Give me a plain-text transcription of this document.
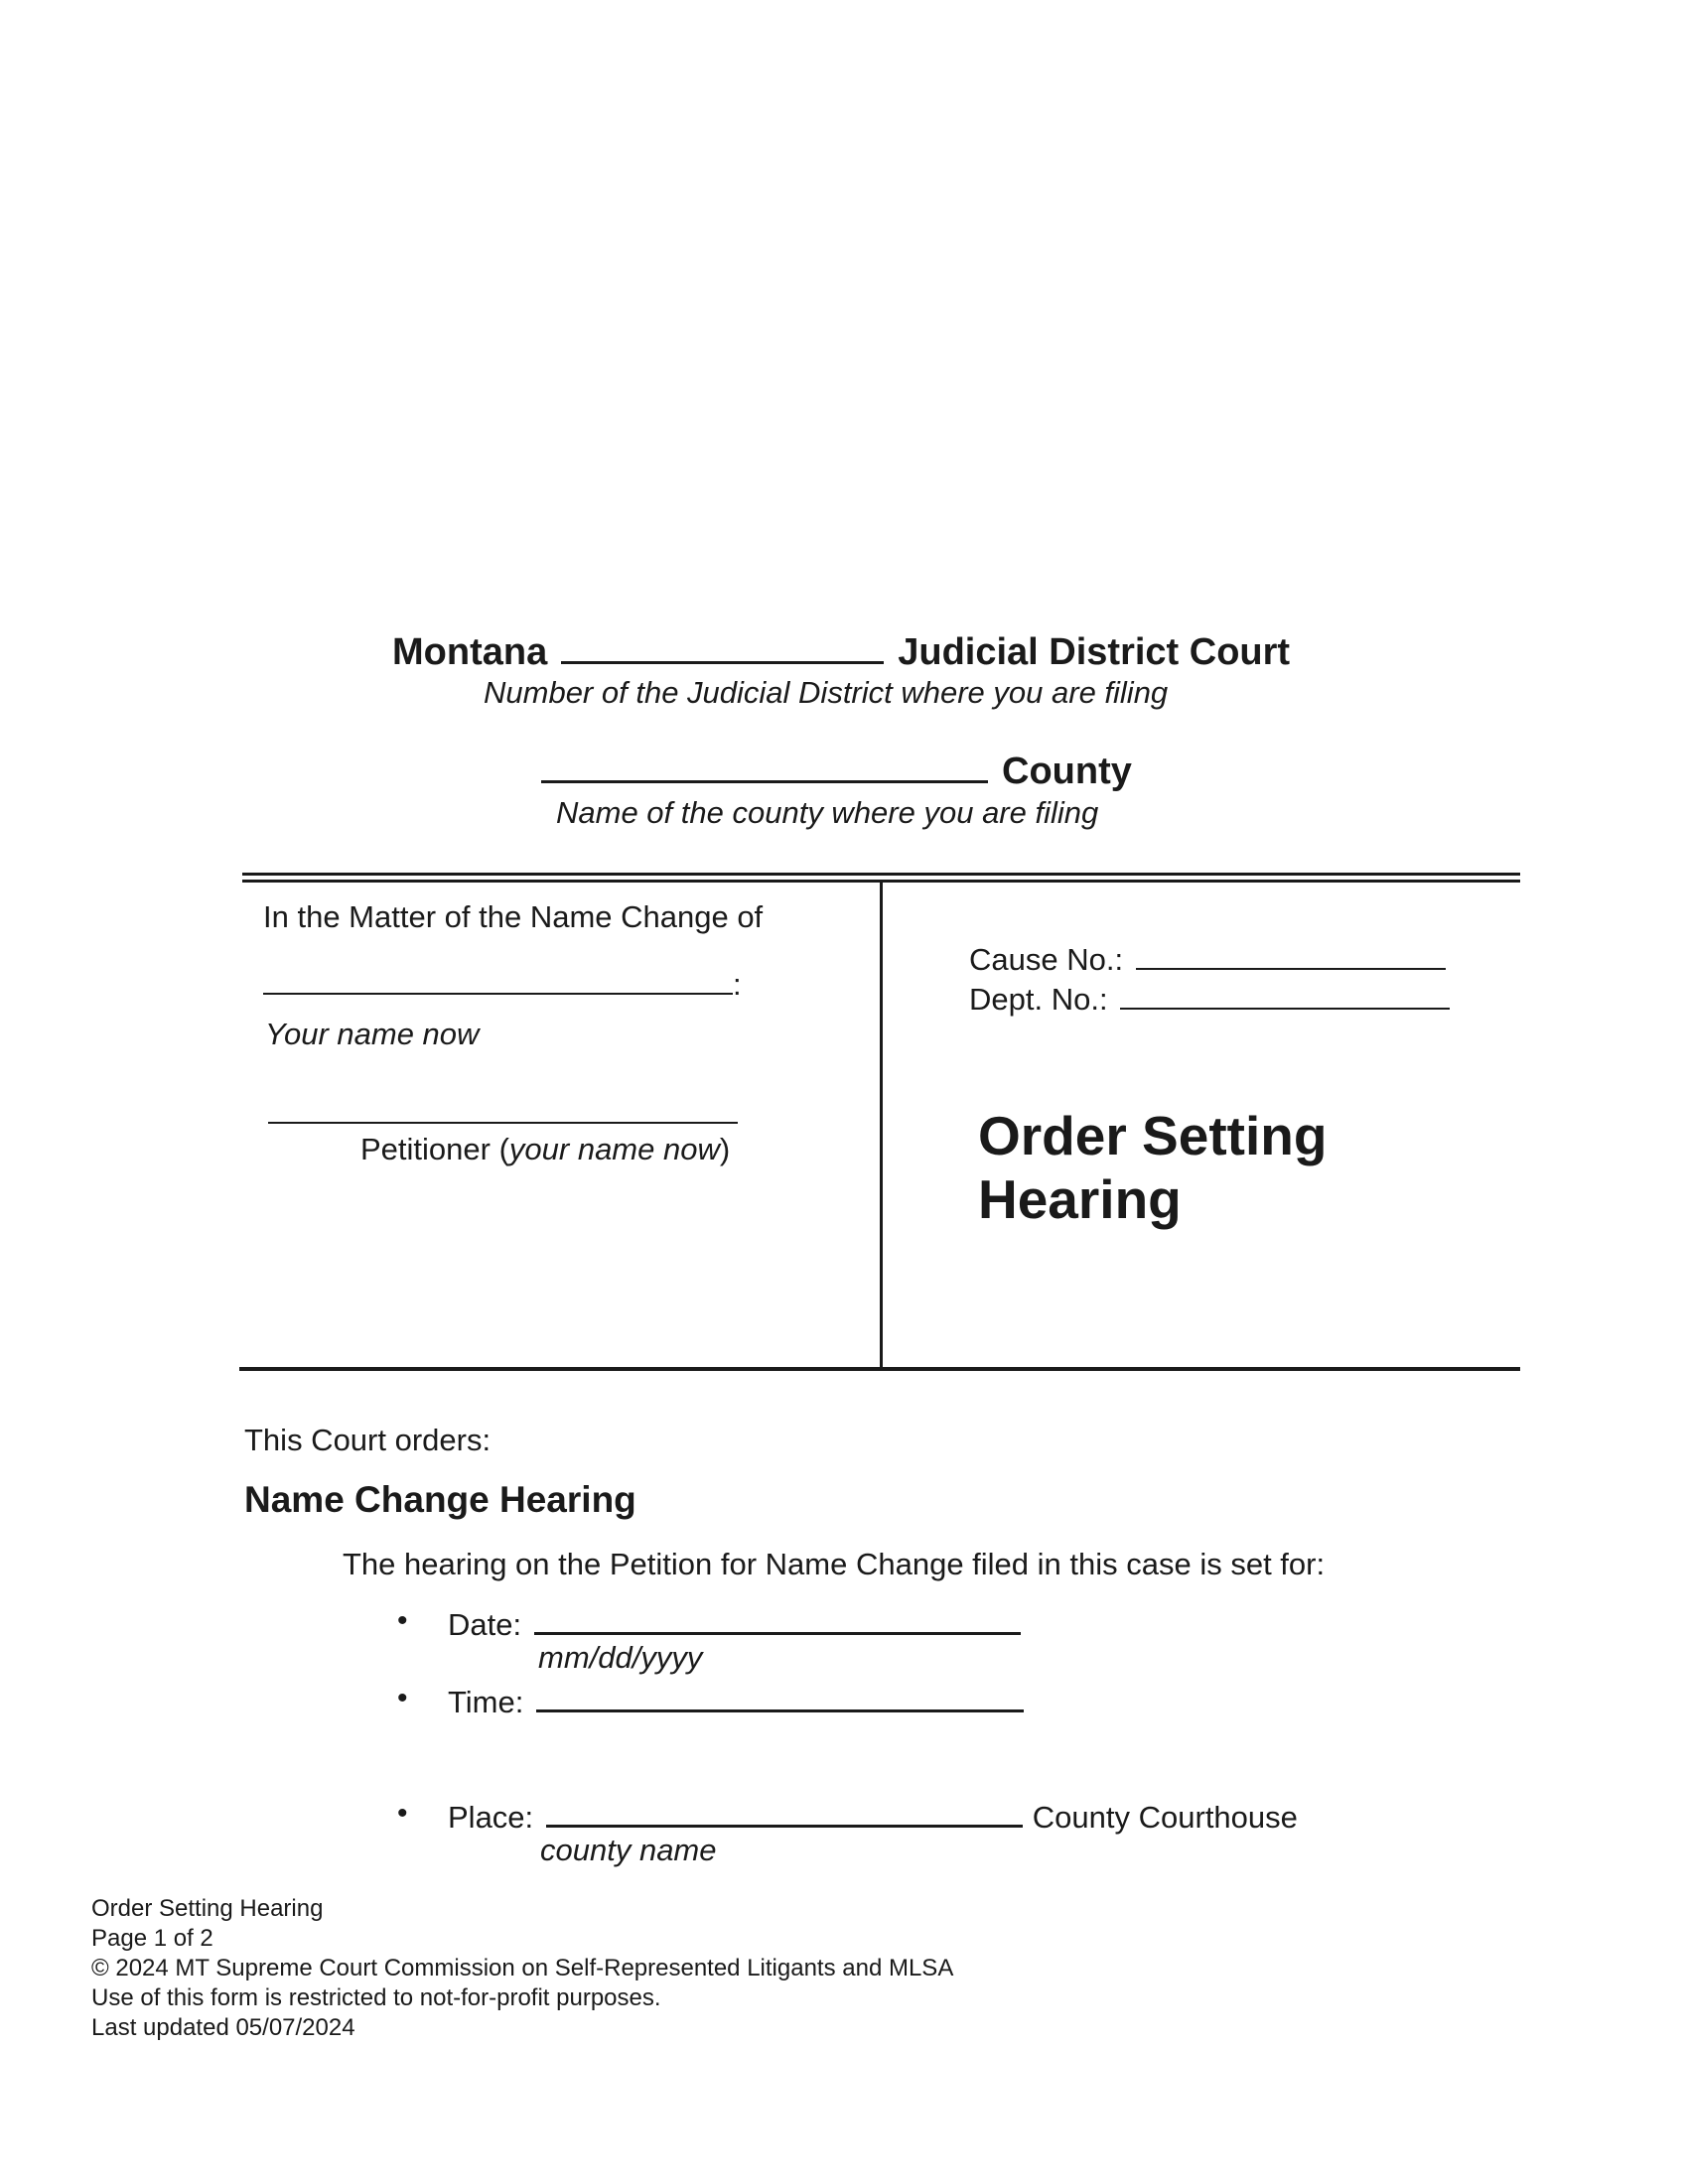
Montana	Judicial District Court
Number of the Judicial District where you are filing
County
Name of the county where you are filing
In the Matter of the Name Change of
:
Your name now
Petitioner (your name now)
Cause No.:
Dept. No.:
Order Setting Hearing
This Court orders:
Name Change Hearing
The hearing on the Petition for Name Change filed in this case is set for:
• Date:
mm/dd/yyyy
• Time:
• Place:	County Courthouse
county name
Order Setting Hearing
Page 1 of 2
© 2024 MT Supreme Court Commission on Self-Represented Litigants and MLSA
Use of this form is restricted to not-for-profit purposes.
Last updated 05/07/2024
